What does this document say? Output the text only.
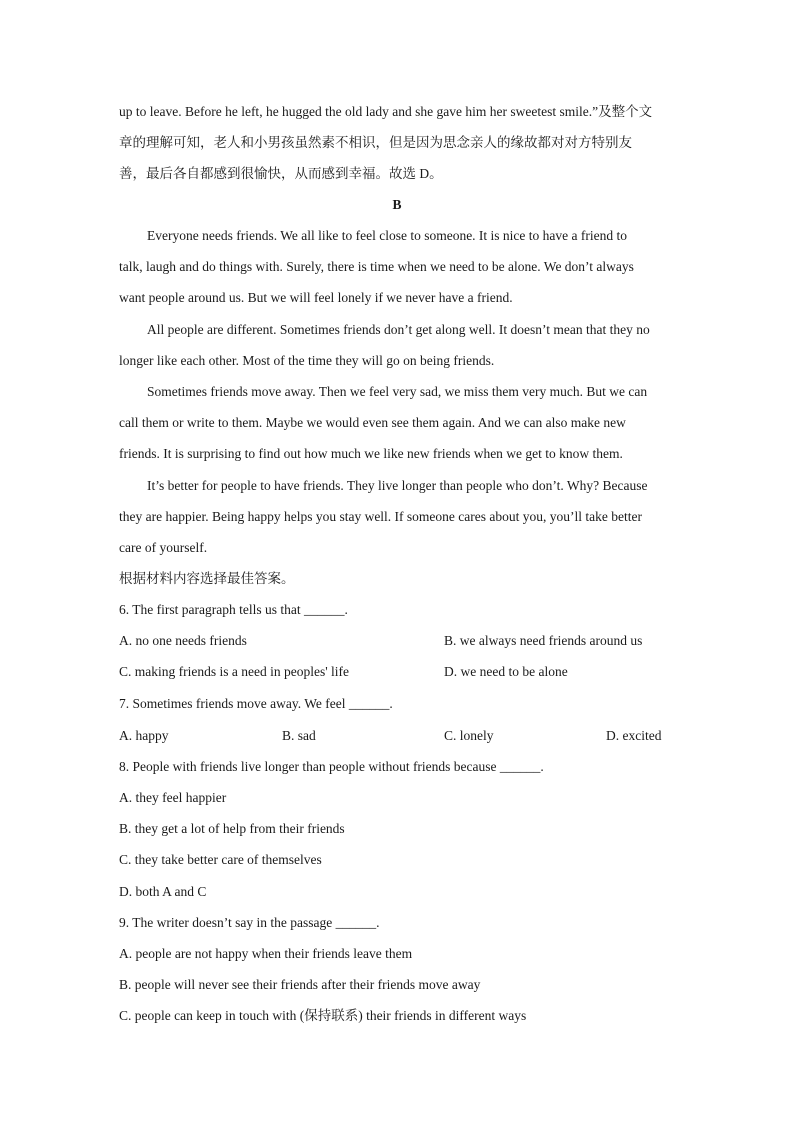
up to leave. Before he left, he hugged the old lady and she gave him her sweetest smile.”及整个文
章的理解可知，老人和小男孩虽然素不相识，但是因为思念亲人的缘故都对对方特别友
善，最后各自都感到很愉快，从而感到幸福。故选 D。
B
Everyone needs friends. We all like to feel close to someone. It is nice to have a friend to
talk, laugh and do things with. Surely, there is time when we need to be alone. We don’t always
want people around us. But we will feel lonely if we never have a friend.
All people are different. Sometimes friends don’t get along well. It doesn’t mean that they no
longer like each other. Most of the time they will go on being friends.
Sometimes friends move away. Then we feel very sad, we miss them very much. But we can
call them or write to them. Maybe we would even see them again. And we can also make new
friends. It is surprising to find out how much we like new friends when we get to know them.
It’s better for people to have friends. They live longer than people who don’t. Why? Because
they are happier. Being happy helps you stay well. If someone cares about you, you’ll take better
care of yourself.
根据材料内容选择最佳答案。
6. The first paragraph tells us that ______.
A. no one needs friends	B. we always need friends around us
C. making friends is a need in peoples' life	D. we need to be alone
7. Sometimes friends move away. We feel ______.
A. happy	B. sad	C. lonely	D. excited
8. People with friends live longer than people without friends because ______.
A. they feel happier
B. they get a lot of help from their friends
C. they take better care of themselves
D. both A and C
9. The writer doesn’t say in the passage ______.
A. people are not happy when their friends leave them
B. people will never see their friends after their friends move away
C. people can keep in touch with (保持联系) their friends in different ways
